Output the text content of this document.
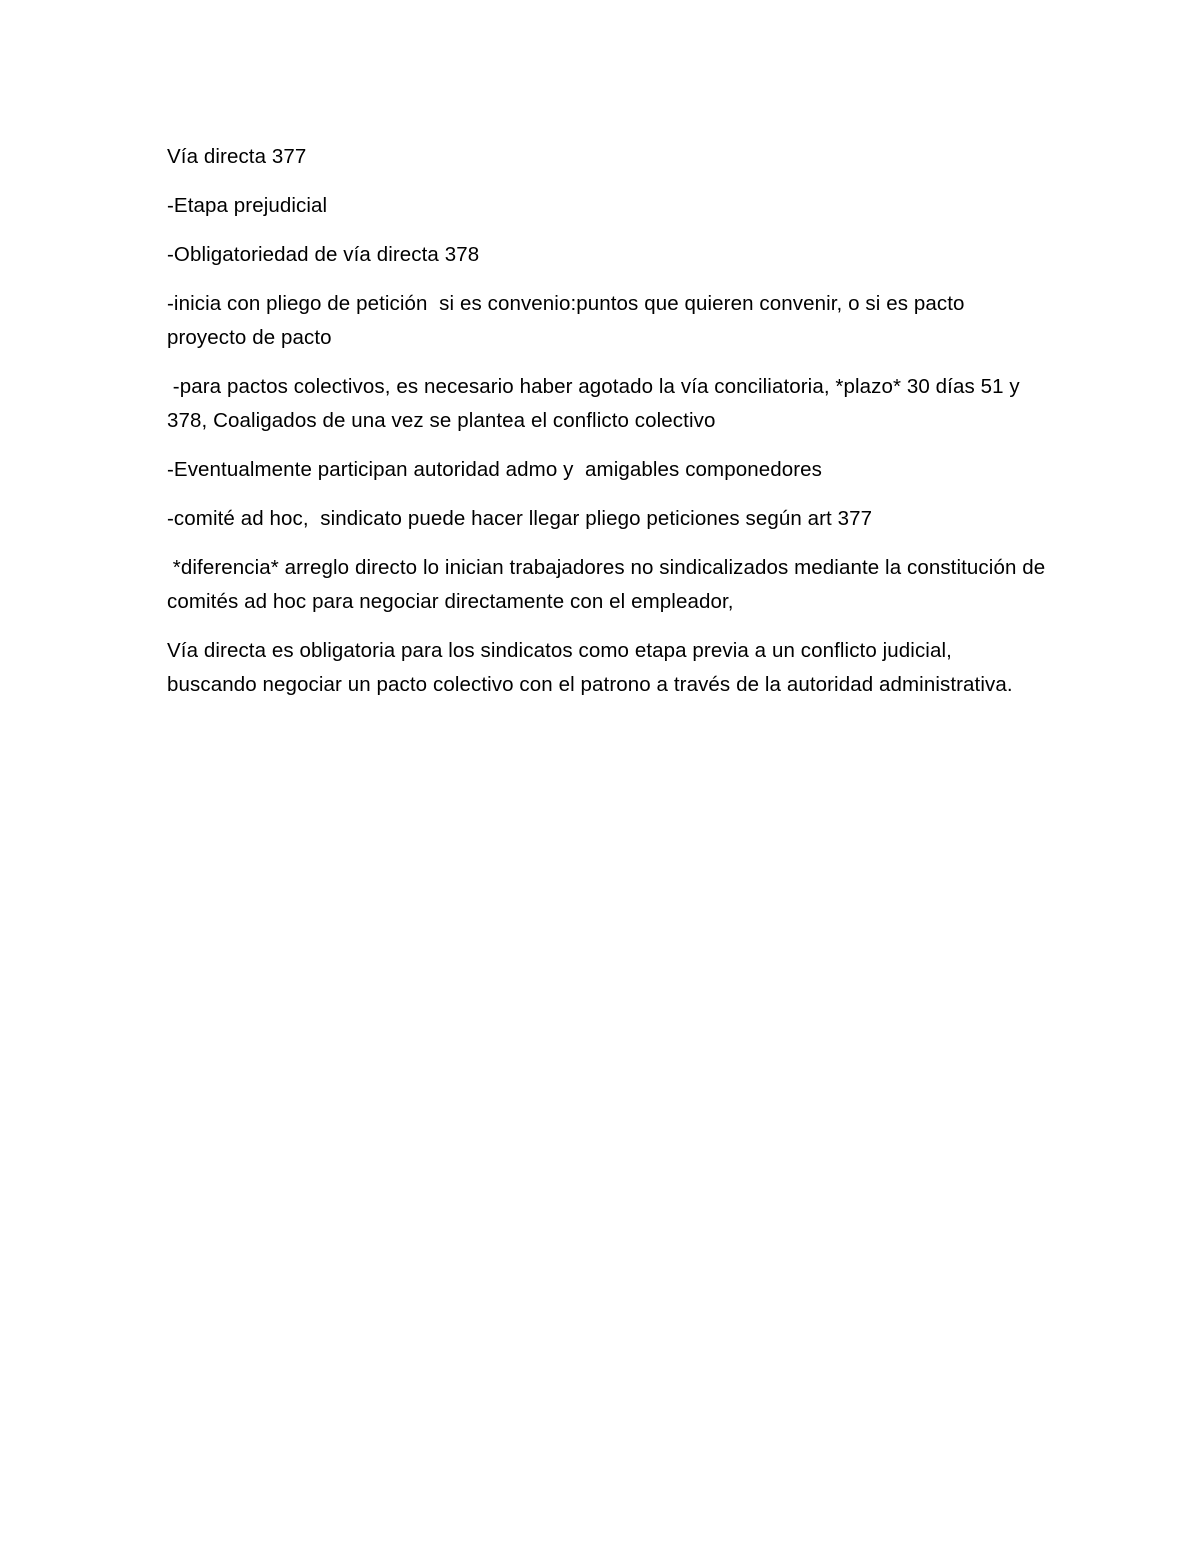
Vía directa 377

-Etapa prejudicial

-Obligatoriedad de vía directa 378

-inicia con pliego de petición  si es convenio:puntos que quieren convenir, o si es pacto proyecto de pacto

-para pactos colectivos, es necesario haber agotado la vía conciliatoria, *plazo* 30 días 51 y 378, Coaligados de una vez se plantea el conflicto colectivo

-Eventualmente participan autoridad admo y  amigables componedores

-comité ad hoc,  sindicato puede hacer llegar pliego peticiones según art 377

*diferencia* arreglo directo lo inician trabajadores no sindicalizados mediante la constitución de comités ad hoc para negociar directamente con el empleador,

Vía directa es obligatoria para los sindicatos como etapa previa a un conflicto judicial, buscando negociar un pacto colectivo con el patrono a través de la autoridad administrativa.
